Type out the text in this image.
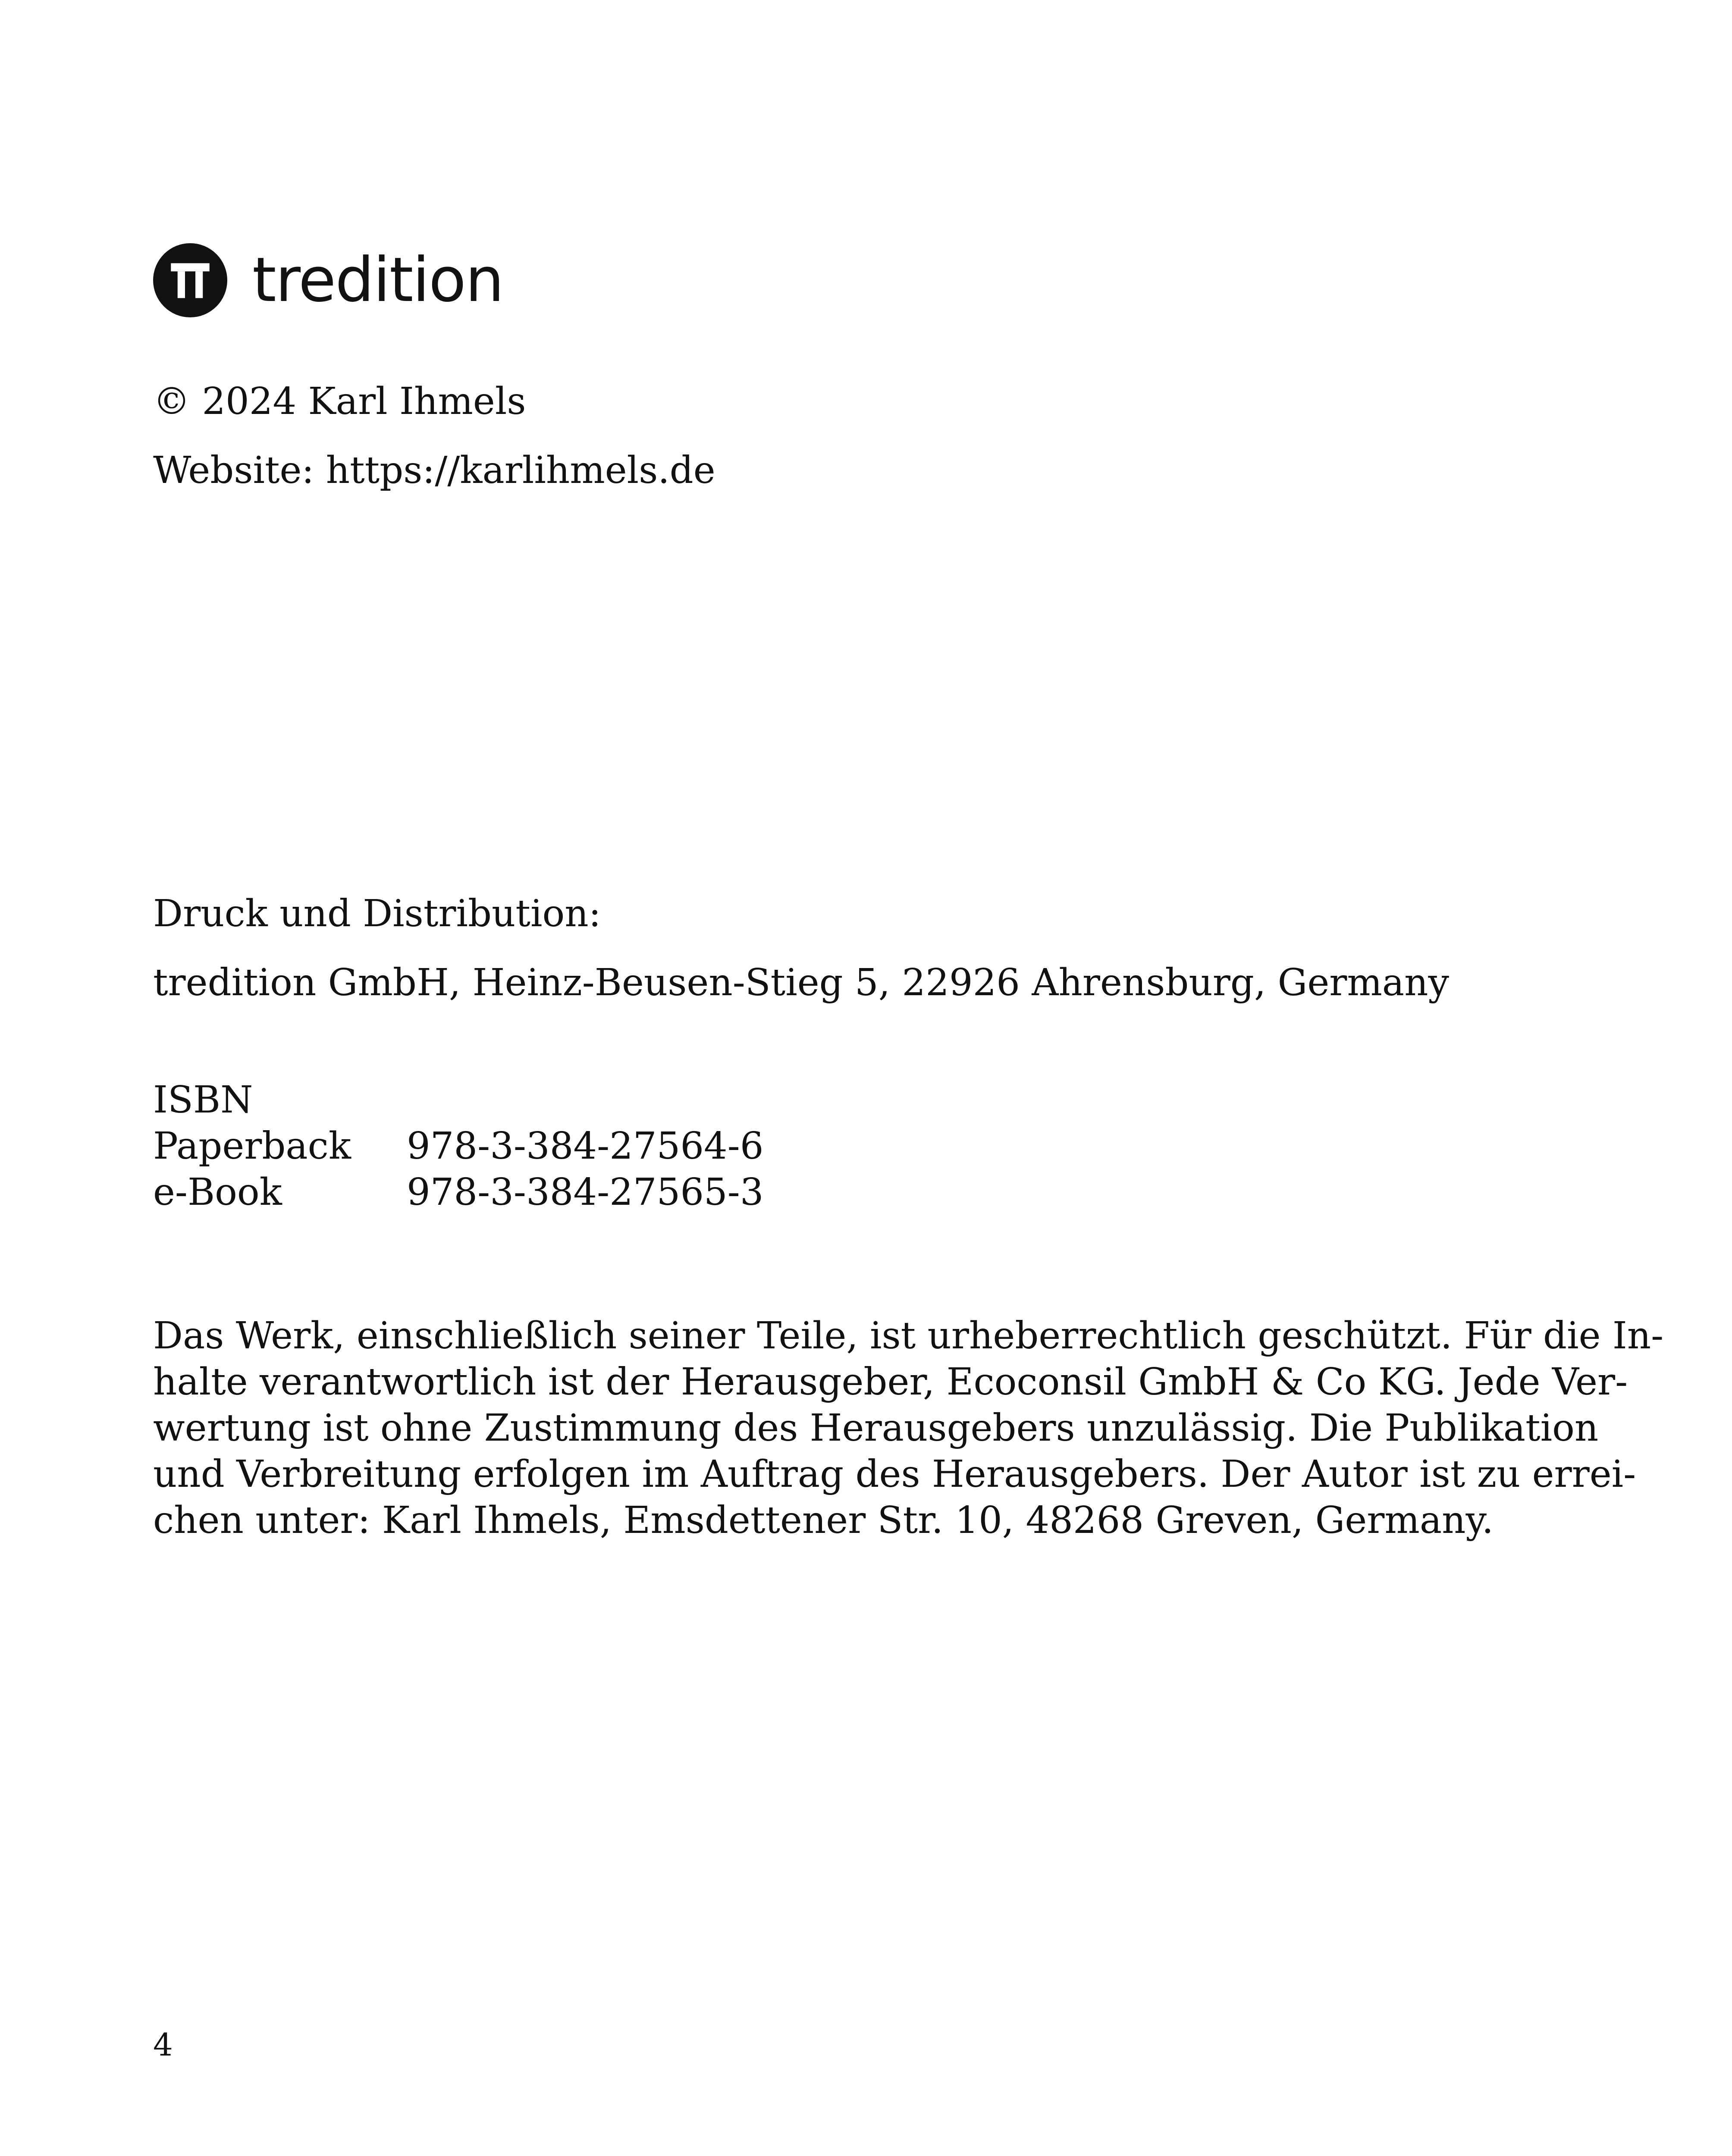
tredition
© 2024 Karl Ihmels
Website: https://karlihmels.de
Druck und Distribution:
tredition GmbH, Heinz-Beusen-Stieg 5, 22926 Ahrensburg, Germany
ISBN
Paperback 978-3-384-27564-6
e-Book	978-3-384-27565-3
Das Werk, einschließlich seiner Teile, ist urheberrechtlich geschützt. Für die In-
halte verantwortlich ist der Herausgeber, Ecoconsil GmbH & Co KG. Jede Ver-
wertung ist ohne Zustimmung des Herausgebers unzulässig. Die Publikation
und Verbreitung erfolgen im Auftrag des Herausgebers. Der Autor ist zu errei-
chen unter: Karl Ihmels, Emsdettener Str. 10, 48268 Greven, Germany.
4
